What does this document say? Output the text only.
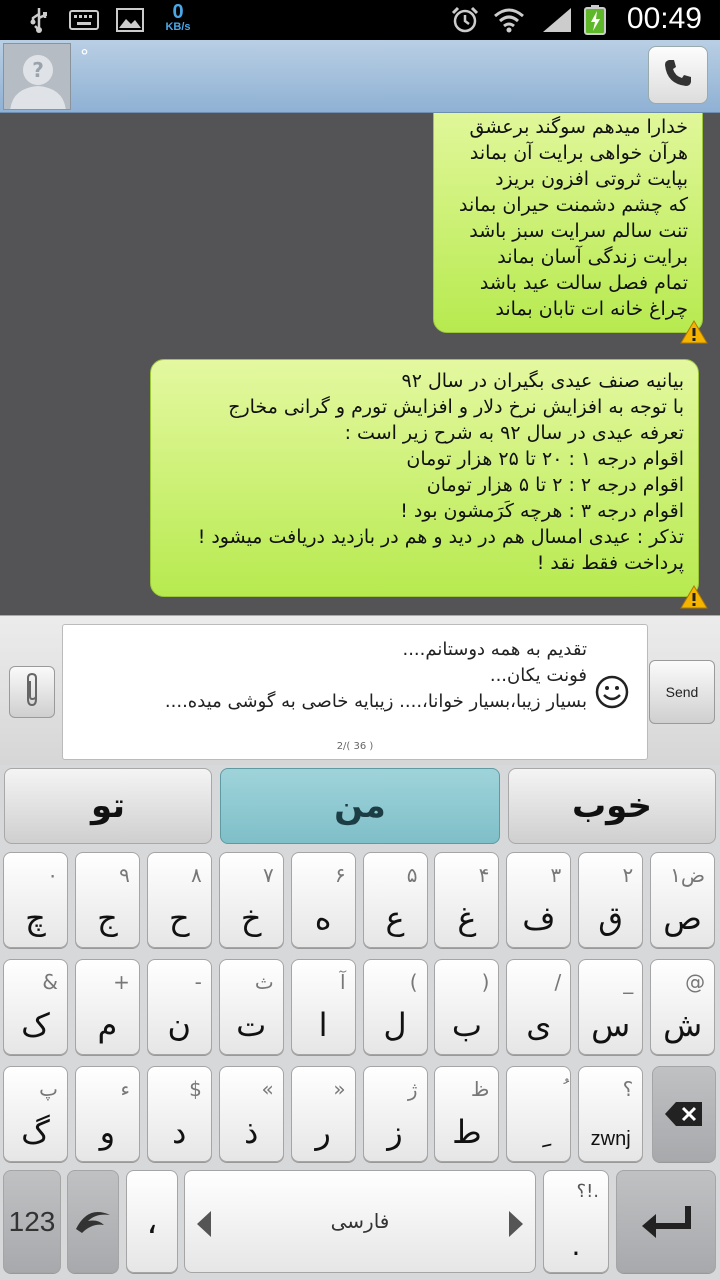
0
KB/s	00:49
?
°
خدارا میدهم سوگند برعشق
هرآن خواهی برایت آن بماند
بپایت ثروتی افزون بریزد
که چشم دشمنت حیران بماند
تنت سالم سرایت سبز باشد
برایت زندگی آسان بماند
تمام فصل سالت عید باشد
چراغ خانه ات تابان بماند
بیانیه صنف عیدی بگیران در سال ۹۲
با توجه به افزایش نرخ دلار و افزایش تورم و گرانی مخارج
تعرفه عیدی در سال ۹۲ به شرح زیر است :
اقوام درجه ۱ : ۲۰ تا ۲۵ هزار تومان
اقوام درجه ۲ : ۲ تا ۵ هزار تومان
اقوام درجه ۳ : هرچه کَرَمشون بود !
تذکر : عیدی امسال هم در دید و هم در بازدید دریافت میشود !
پرداخت فقط نقد !
تقدیم به همه دوستانم....
فونت یکان...
بسیار زیبا،بسیار خوانا،.... زیبایه خاصی به گوشی میده....
2/( 36 )
Send
تو	من	خوب
۱ض
ص
۲
ق
۳
ف
۴
غ
۵
ع
۶
ه
۷
خ
۸
ح
۹
ج
۰
چ
@
ش
_
س
/
ی
)
ب
(
ل
آ
ا
ث
ت
-
ن
+
م
&
ک
؟
zwnj
ظ
ط
ژ
ز
»
ر
«
ذ
$
د
ء
و
پ
گ
123	،	فارسی
؟!.
.
